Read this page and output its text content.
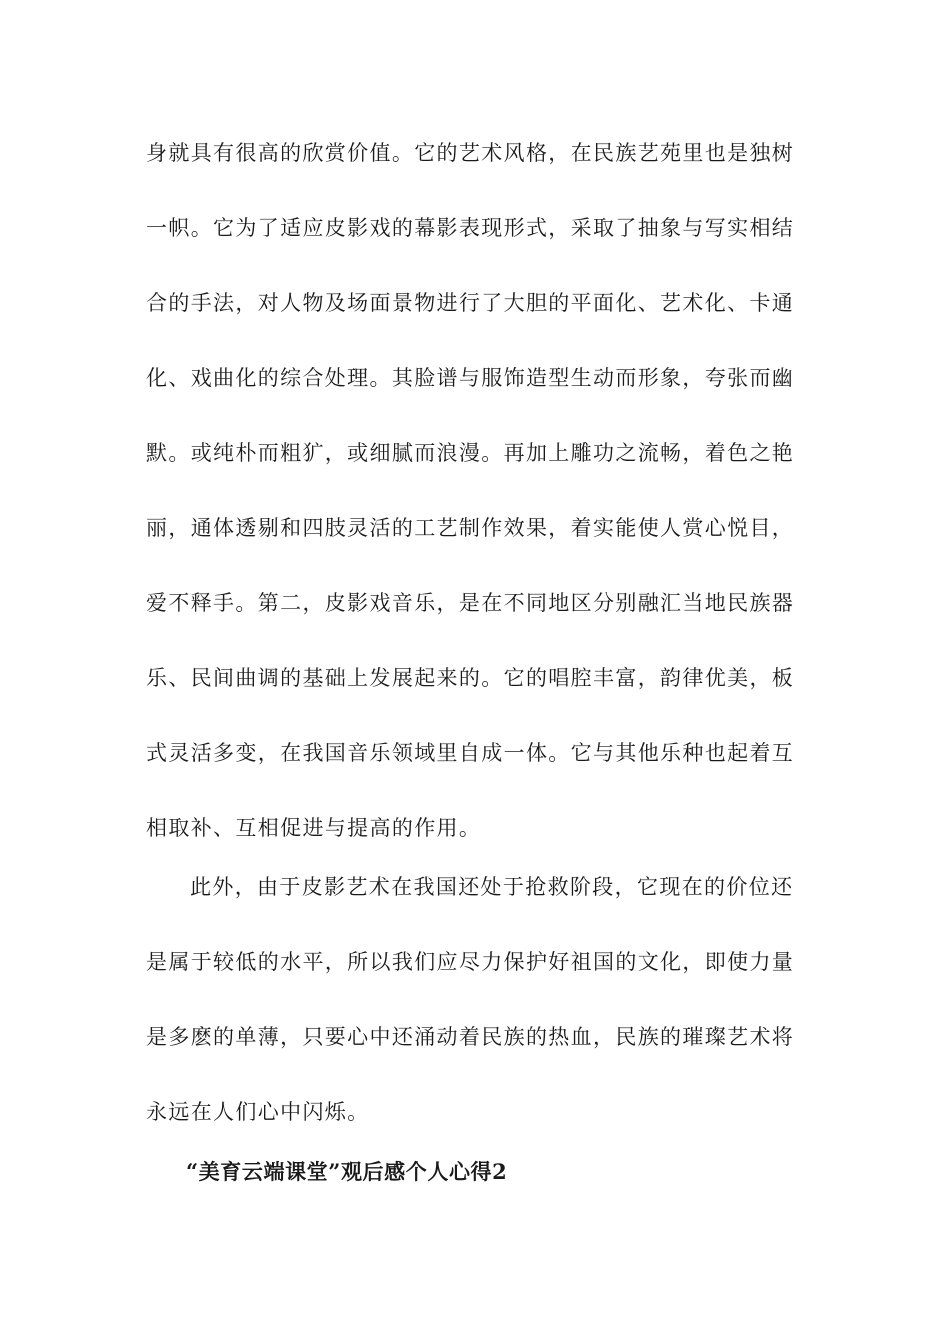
身就具有很高的欣赏价值。它的艺术风格，在民族艺苑里也是独树
一帜。它为了适应皮影戏的幕影表现形式，采取了抽象与写实相结
合的手法，对人物及场面景物进行了大胆的平面化、艺术化、卡通
化、戏曲化的综合处理。其脸谱与服饰造型生动而形象，夸张而幽
默。或纯朴而粗犷，或细腻而浪漫。再加上雕功之流畅，着色之艳
丽，通体透剔和四肢灵活的工艺制作效果，着实能使人赏心悦目，
爱不释手。第二，皮影戏音乐，是在不同地区分别融汇当地民族器
乐、民间曲调的基础上发展起来的。它的唱腔丰富，韵律优美，板
式灵活多变，在我国音乐领域里自成一体。它与其他乐种也起着互
相取补、互相促进与提高的作用。
此外，由于皮影艺术在我国还处于抢救阶段，它现在的价位还
是属于较低的水平，所以我们应尽力保护好祖国的文化，即使力量
是多麽的单薄，只要心中还涌动着民族的热血，民族的璀璨艺术将
永远在人们心中闪烁。
“美育云端课堂”观后感个人心得2
